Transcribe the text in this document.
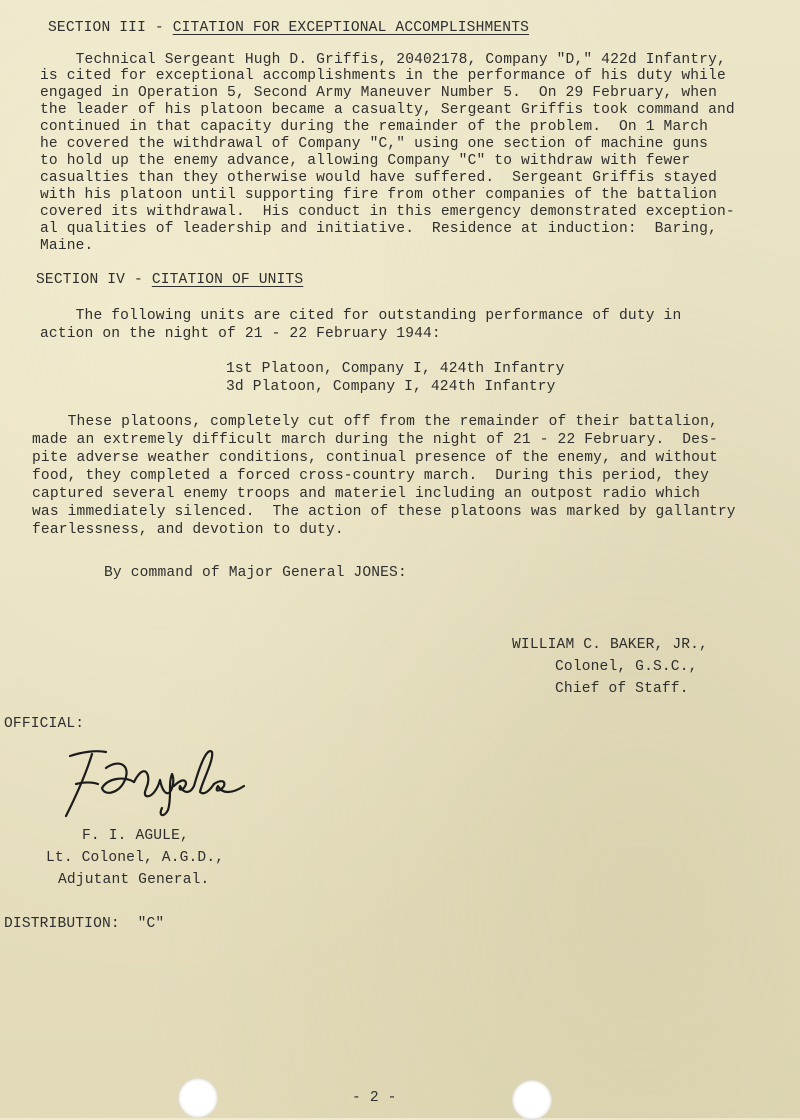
SECTION III - CITATION FOR EXCEPTIONAL ACCOMPLISHMENTS
Technical Sergeant Hugh D. Griffis, 20402178, Company "D," 422d Infantry,
is cited for exceptional accomplishments in the performance of his duty while
engaged in Operation 5, Second Army Maneuver Number 5.  On 29 February, when
the leader of his platoon became a casualty, Sergeant Griffis took command and
continued in that capacity during the remainder of the problem.  On 1 March
he covered the withdrawal of Company "C," using one section of machine guns
to hold up the enemy advance, allowing Company "C" to withdraw with fewer
casualties than they otherwise would have suffered.  Sergeant Griffis stayed
with his platoon until supporting fire from other companies of the battalion
covered its withdrawal.  His conduct in this emergency demonstrated exception-
al qualities of leadership and initiative.  Residence at induction:  Baring,
Maine.
SECTION IV - CITATION OF UNITS
The following units are cited for outstanding performance of duty in
action on the night of 21 - 22 February 1944:
1st Platoon, Company I, 424th Infantry
3d Platoon, Company I, 424th Infantry
These platoons, completely cut off from the remainder of their battalion,
made an extremely difficult march during the night of 21 - 22 February.  Des-
pite adverse weather conditions, continual presence of the enemy, and without
food, they completed a forced cross-country march.  During this period, they
captured several enemy troops and materiel including an outpost radio which
was immediately silenced.  The action of these platoons was marked by gallantry
fearlessness, and devotion to duty.
By command of Major General JONES:
WILLIAM C. BAKER, JR.,
Colonel, G.S.C.,
Chief of Staff.
OFFICIAL:
F. I. AGULE,
Lt. Colonel, A.G.D.,
Adjutant General.
DISTRIBUTION:  "C"
- 2 -
